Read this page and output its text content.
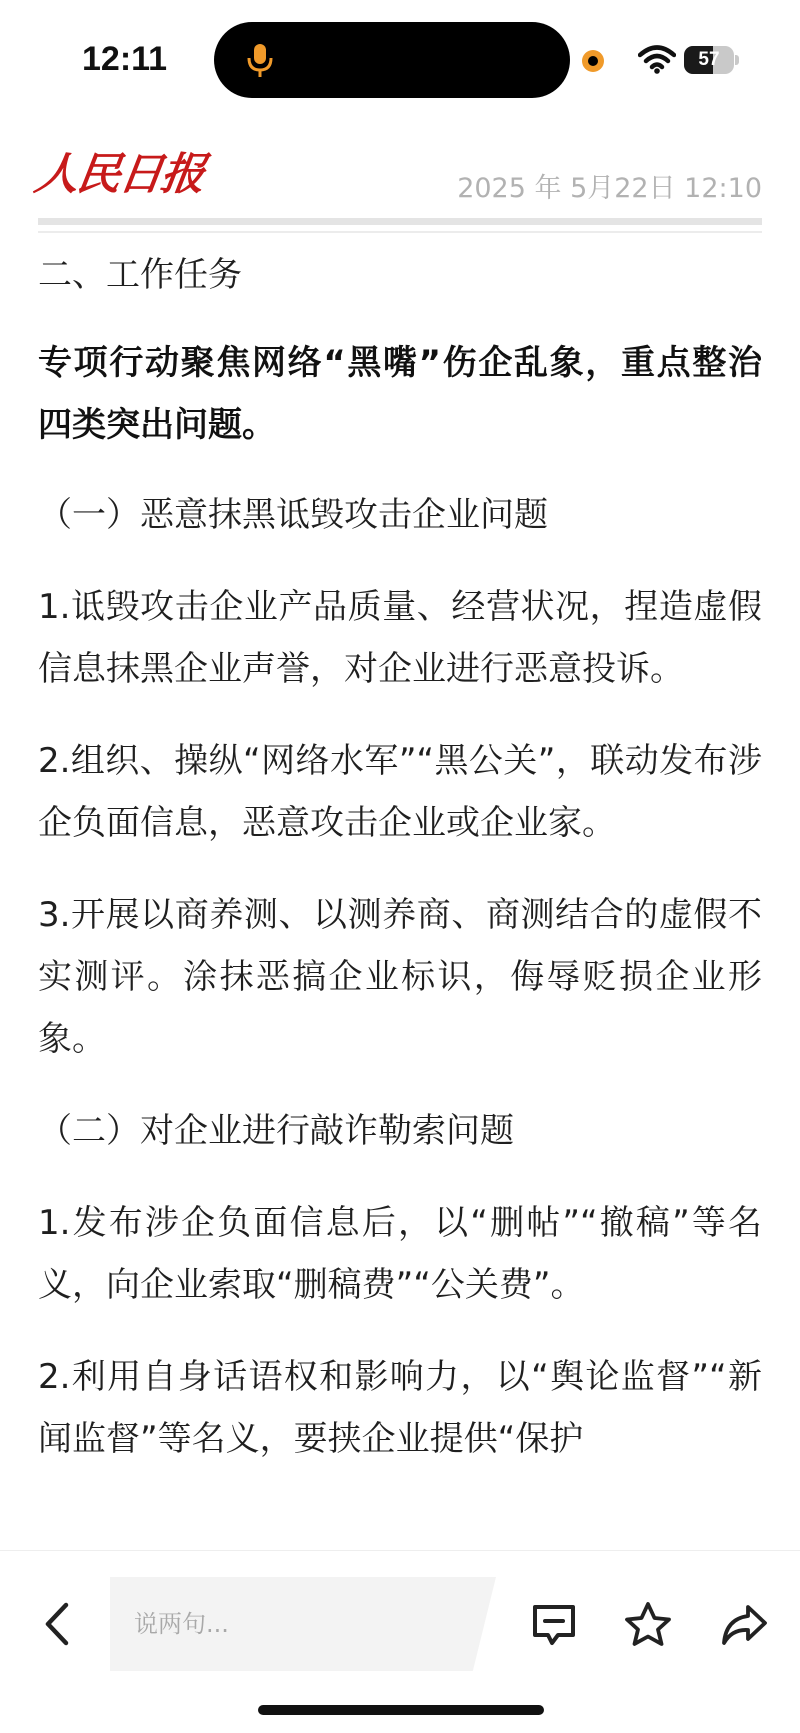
12:11	57
人民日报	2025 年 5月22日 12:10

二、工作任务

专项行动聚焦网络“黑嘴”伤企乱象，重点整治四类突出问题。

（一）恶意抹黑诋毁攻击企业问题

1.诋毁攻击企业产品质量、经营状况，捏造虚假信息抹黑企业声誉，对企业进行恶意投诉。

2.组织、操纵“网络水军”“黑公关”，联动发布涉企负面信息，恶意攻击企业或企业家。

3.开展以商养测、以测养商、商测结合的虚假不实测评。涂抹恶搞企业标识，侮辱贬损企业形象。

（二）对企业进行敲诈勒索问题

1.发布涉企负面信息后，以“删帖”“撤稿”等名义，向企业索取“删稿费”“公关费”。

2.利用自身话语权和影响力，以“舆论监督”“新闻监督”等名义，要挟企业提供“保护

说两句...
